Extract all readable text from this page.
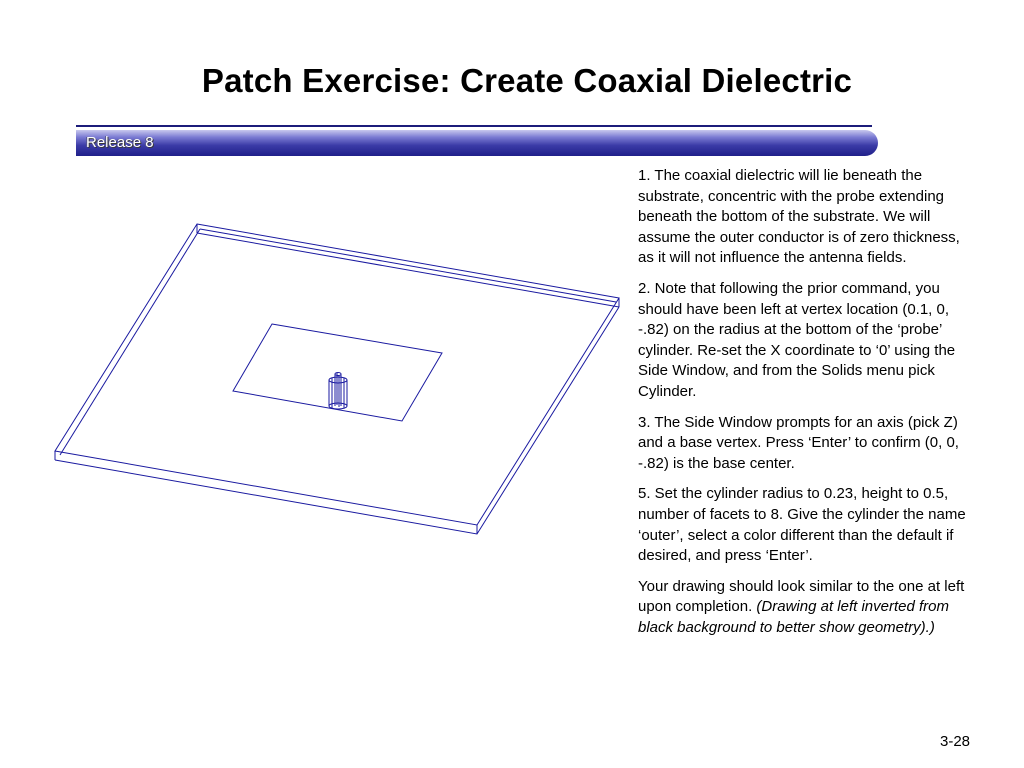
Patch Exercise: Create Coaxial Dielectric
Release 8

1. The coaxial dielectric will lie beneath the substrate, concentric with the probe extending beneath the bottom of the substrate. We will assume the outer conductor is of zero thickness, as it will not influence the antenna fields.

2. Note that following the prior command, you should have been left at vertex location (0.1, 0, -.82) on the radius at the bottom of the ‘probe’ cylinder. Re-set the X coordinate to ‘0’ using the Side Window, and from the Solids menu pick Cylinder.

3. The Side Window prompts for an axis (pick Z) and a base vertex. Press ‘Enter’ to confirm (0, 0, -.82) is the base center.

5. Set the cylinder radius to 0.23, height to 0.5, number of facets to 8. Give the cylinder the name ‘outer’, select a color different than the default if desired, and press ‘Enter’.

Your drawing should look similar to the one at left upon completion. (Drawing at left inverted from black background to better show geometry).)

3-28
